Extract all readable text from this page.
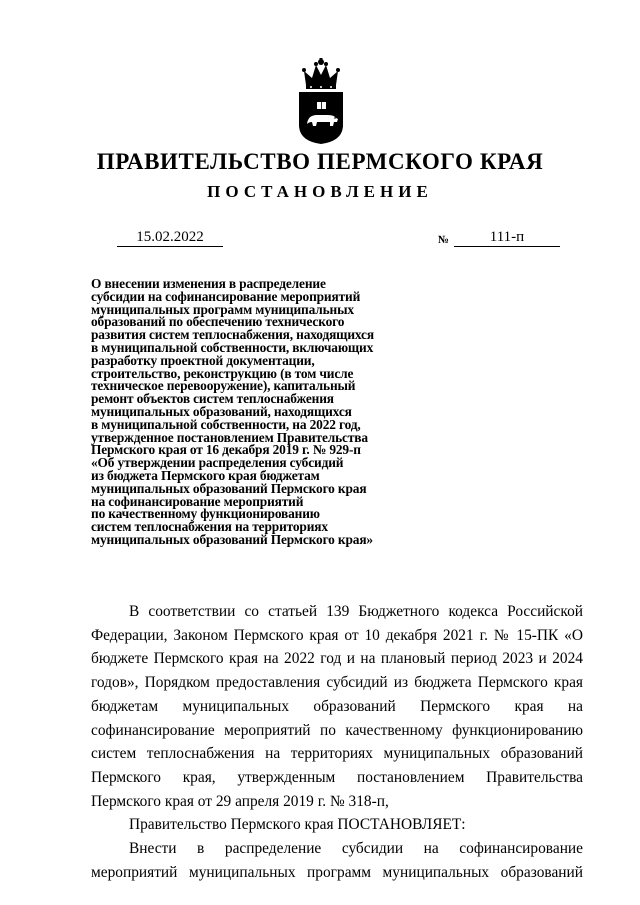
ПРАВИТЕЛЬСТВО ПЕРМСКОГО КРАЯ
ПОСТАНОВЛЕНИЕ
15.02.2022	№	111-п
О внесении изменения в распределение
субсидии на софинансирование мероприятий
муниципальных программ муниципальных
образований по обеспечению технического
развития систем теплоснабжения, находящихся
в муниципальной собственности, включающих
разработку проектной документации,
строительство, реконструкцию (в том числе
техническое перевооружение), капитальный
ремонт объектов систем теплоснабжения
муниципальных образований, находящихся
в муниципальной собственности, на 2022 год,
утвержденное постановлением Правительства
Пермского края от 16 декабря 2019 г. № 929-п
«Об утверждении распределения субсидий
из бюджета Пермского края бюджетам
муниципальных образований Пермского края
на софинансирование мероприятий
по качественному функционированию
систем теплоснабжения на территориях
муниципальных образований Пермского края»

В соответствии со статьей 139 Бюджетного кодекса Российской Федерации, Законом Пермского края от 10 декабря 2021 г. № 15-ПК «О бюджете Пермского края на 2022 год и на плановый период 2023 и 2024 годов», Порядком предоставления субсидий из бюджета Пермского края бюджетам муниципальных образований Пермского края на софинансирование мероприятий по качественному функционированию систем теплоснабжения на территориях муниципальных образований Пермского края, утвержденным постановлением Правительства Пермского края от 29 апреля 2019 г. № 318-п,

Правительство Пермского края ПОСТАНОВЛЯЕТ:

Внести в распределение субсидии на софинансирование мероприятий муниципальных программ муниципальных образований
